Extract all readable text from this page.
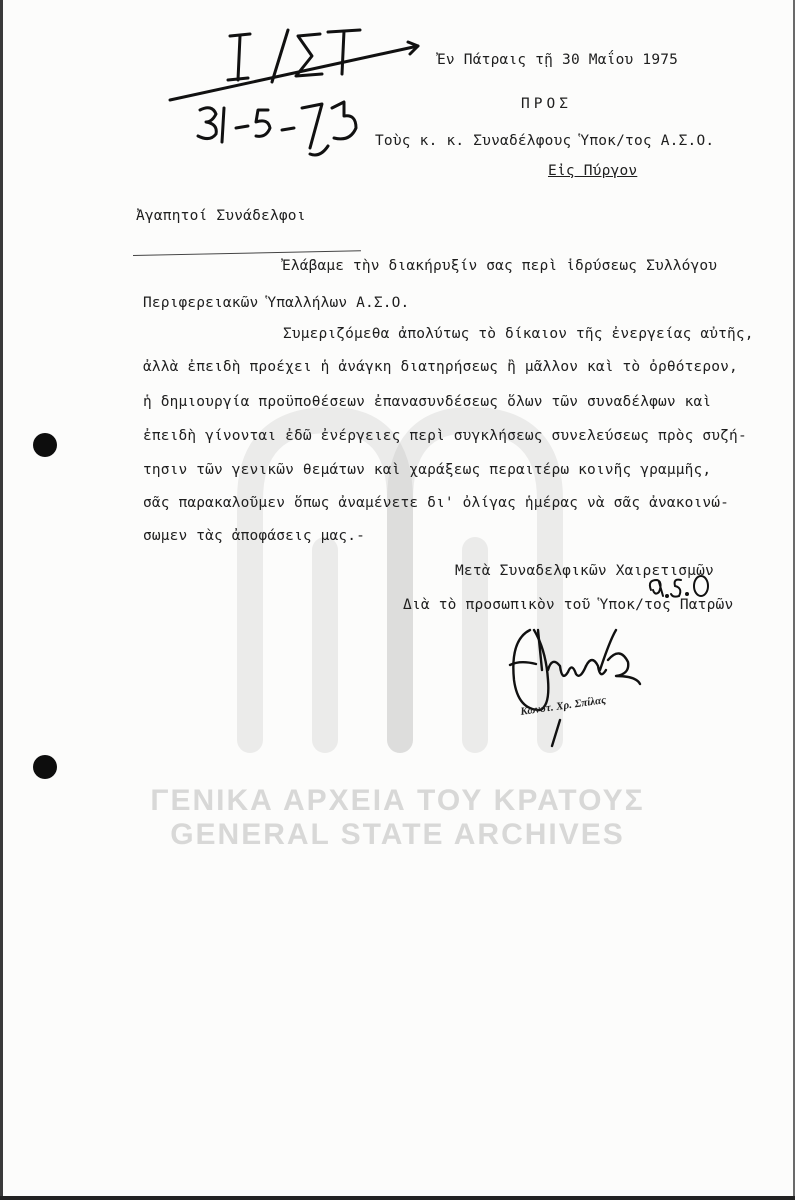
Ἐν Πάτραις τῇ 30 Μαΐου 1975
ΠΡΟΣ
Τοὺς κ. κ. Συναδέλφους Ὑποκ/τος Α.Σ.Ο.
Εἰς Πύργον
Ἀγαπητοί Συνάδελφοι
Ἐλάβαμε τὴν διακήρυξίν σας περὶ ἱδρύσεως Συλλόγου
Περιφερειακῶν Ὑπαλλήλων Α.Σ.Ο.
Συμεριζόμεθα ἀπολύτως τὸ δίκαιον τῆς ἐνεργείας αὐτῆς,
ἀλλὰ ἐπειδὴ προέχει ἡ ἀνάγκη διατηρήσεως ἢ μᾶλλον καὶ τὸ ὀρθότερον,
ἡ δημιουργία προϋποθέσεων ἐπανασυνδέσεως ὅλων τῶν συναδέλφων καὶ
ἐπειδὴ γίνονται ἐδῶ ἐνέργειες περὶ συγκλήσεως συνελεύσεως πρὸς συζή-
τησιν τῶν γενικῶν θεμάτων καὶ χαράξεως περαιτέρω κοινῆς γραμμῆς,
σᾶς παρακαλοῦμεν ὅπως ἀναμένετε δι' ὀλίγας ἡμέρας νὰ σᾶς ἀνακοινώ-
σωμεν τὰς ἀποφάσεις μας.-
Μετὰ Συναδελφικῶν Χαιρετισμῶν
Διὰ τὸ προσωπικὸν τοῦ Ὑποκ/τος Πατρῶν
Κωνστ. Χρ. Σπίλας
ΓΕΝΙΚΑ ΑΡΧΕΙΑ ΤΟΥ ΚΡΑΤΟΥΣ
GENERAL STATE ARCHIVES
